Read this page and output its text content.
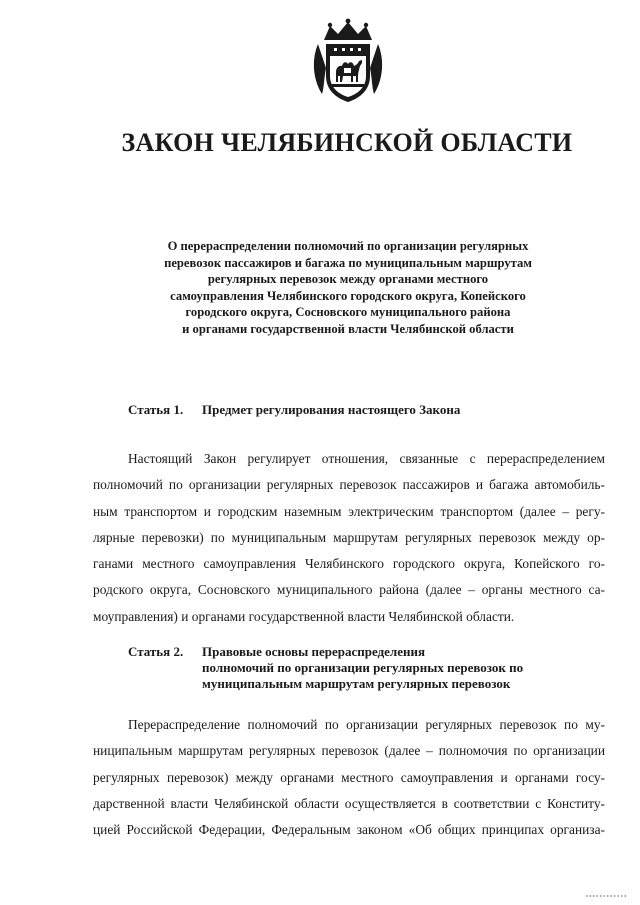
ЗАКОН ЧЕЛЯБИНСКОЙ ОБЛАСТИ
О перераспределении полномочий по организации регулярных
перевозок пассажиров и багажа по муниципальным маршрутам
регулярных перевозок между органами местного
самоуправления Челябинского городского округа, Копейского
городского округа, Сосновского муниципального района
и органами государственной власти Челябинской области
Статья 1. Предмет регулирования настоящего Закона
Настоящий Закон регулирует отношения, связанные с перераспределением
полномочий по организации регулярных перевозок пассажиров и багажа автомобиль-
ным транспортом и городским наземным электрическим транспортом (далее – регу-
лярные перевозки) по муниципальным маршрутам регулярных перевозок между ор-
ганами местного самоуправления Челябинского городского округа, Копейского го-
родского округа, Сосновского муниципального района (далее – органы местного са-
моуправления) и органами государственной власти Челябинской области.
Статья 2. Правовые основы перераспределения
полномочий по организации регулярных перевозок по
муниципальным маршрутам регулярных перевозок
Перераспределение полномочий по организации регулярных перевозок по му-
ниципальным маршрутам регулярных перевозок (далее – полномочия по организации
регулярных перевозок) между органами местного самоуправления и органами госу-
дарственной власти Челябинской области осуществляется в соответствии с Конститу-
цией Российской Федерации, Федеральным законом «Об общих принципах организа-
